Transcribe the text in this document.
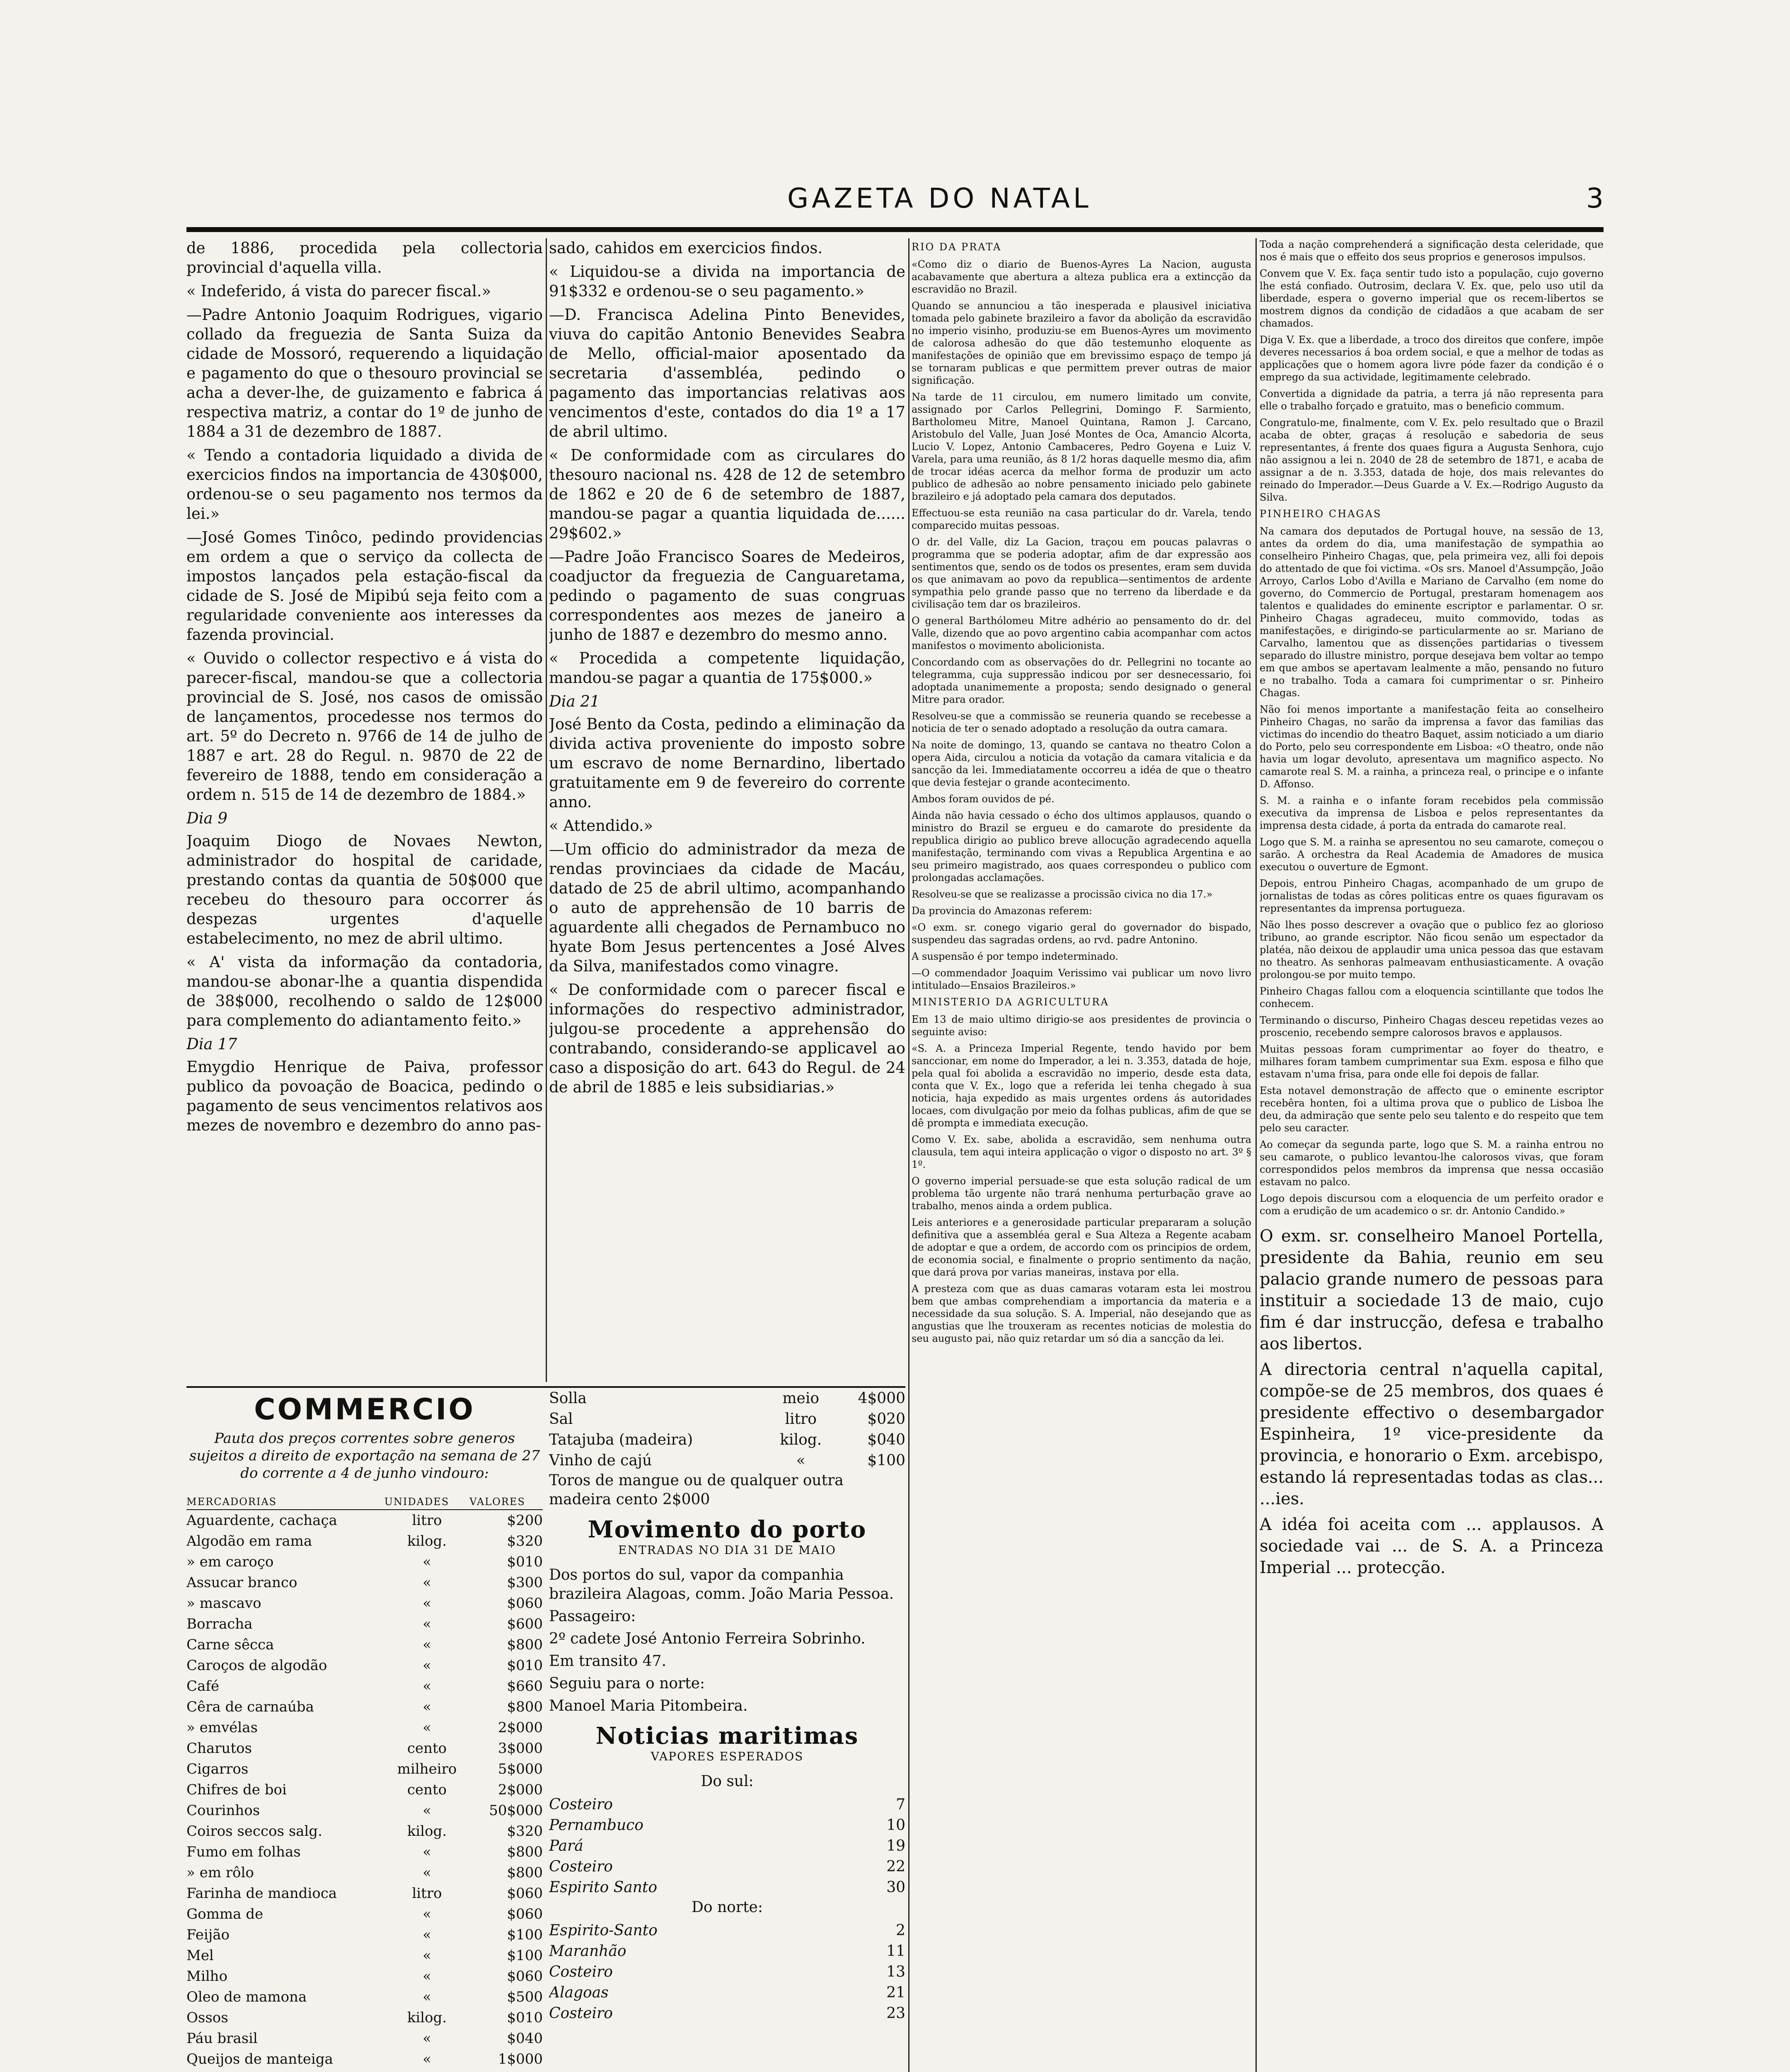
GAZETA DO NATAL	3

de 1886, procedida pela collectoria provincial d'aquella villa.

« Indeferido, á vista do parecer fiscal.»

—Padre Antonio Joaquim Rodrigues, vigario collado da freguezia de Santa Suiza da cidade de Mossoró, requerendo a liquidação e pagamento do que o thesouro provincial se acha a dever-lhe, de guizamento e fabrica á respectiva matriz, a contar do 1º de junho de 1884 a 31 de dezembro de 1887.

« Tendo a contadoria liquidado a divida de exercicios findos na importancia de 430$000, ordenou-se o seu pagamento nos termos da lei.»

—José Gomes Tinôco, pedindo providencias em ordem a que o serviço da collecta de impostos lançados pela estação-fiscal da cidade de S. José de Mipibú seja feito com a regularidade conveniente aos interesses da fazenda provincial.

« Ouvido o collector respectivo e á vista do parecer-fiscal, mandou-se que a collectoria provincial de S. José, nos casos de omissão de lançamentos, procedesse nos termos do art. 5º do Decreto n. 9766 de 14 de julho de 1887 e art. 28 do Regul. n. 9870 de 22 de fevereiro de 1888, tendo em consideração a ordem n. 515 de 14 de dezembro de 1884.»

Dia 9

Joaquim Diogo de Novaes Newton, administrador do hospital de caridade, prestando contas da quantia de 50$000 que recebeu do thesouro para occorrer ás despezas urgentes d'aquelle estabelecimento, no mez de abril ultimo.

« A' vista da informação da contadoria, mandou-se abonar-lhe a quantia dispendida de 38$000, recolhendo o saldo de 12$000 para complemento do adiantamento feito.»

Dia 17

Emygdio Henrique de Paiva, professor publico da povoação de Boacica, pedindo o pagamento de seus vencimentos relativos aos mezes de novembro e dezembro do anno pas-

sado, cahidos em exercicios findos.

« Liquidou-se a divida na importancia de 91$332 e ordenou-se o seu pagamento.»

—D. Francisca Adelina Pinto Benevides, viuva do capitão Antonio Benevides Seabra de Mello, official-maior aposentado da secretaria d'assembléa, pedindo o pagamento das importancias relativas aos vencimentos d'este, contados do dia 1º a 17 de abril ultimo.

« De conformidade com as circulares do thesouro nacional ns. 428 de 12 de setembro de 1862 e 20 de 6 de setembro de 1887, mandou-se pagar a quantia liquidada de...... 29$602.»

—Padre João Francisco Soares de Medeiros, coadjuctor da freguezia de Canguaretama, pedindo o pagamento de suas congruas correspondentes aos mezes de janeiro a junho de 1887 e dezembro do mesmo anno.

« Procedida a competente liquidação, mandou-se pagar a quantia de 175$000.»

Dia 21

José Bento da Costa, pedindo a eliminação da divida activa proveniente do imposto sobre um escravo de nome Bernardino, libertado gratuitamente em 9 de fevereiro do corrente anno.

« Attendido.»

—Um officio do administrador da meza de rendas provinciaes da cidade de Macáu, datado de 25 de abril ultimo, acompanhando o auto de apprehensão de 10 barris de aguardente alli chegados de Pernambuco no hyate Bom Jesus pertencentes a José Alves da Silva, manifestados como vinagre.

« De conformidade com o parecer fiscal e informações do respectivo administrador, julgou-se procedente a apprehensão do contrabando, considerando-se applicavel ao caso a disposição do art. 643 do Regul. de 24 de abril de 1885 e leis subsidiarias.»

COMMERCIO

Pauta dos preços correntes sobre generos sujeitos a direito de exportação na semana de 27 do corrente a 4 de junho vindouro:

MERCADORIAS	UNIDADES	VALORES
Aguardente, cachaça	litro	$200
Algodão em rama	kilog.	$320
» em caroço	«	$010
Assucar branco	«	$300
» mascavo	«	$060
Borracha	«	$600
Carne sêcca	«	$800
Caroços de algodão	«	$010
Café	«	$660
Cêra de carnaúba	«	$800
» emvélas	«	2$000
Charutos	cento	3$000
Cigarros	milheiro	5$000
Chifres de boi	cento	2$000
Courinhos	«	50$000
Coiros seccos salg.	kilog.	$320
Fumo em folhas	«	$800
» em rôlo	«	$800
Farinha de mandioca	litro	$060
Gomma de	«	$060
Feijão	«	$100
Mel	«	$100
Milho	«	$060
Oleo de mamona	«	$500
Ossos	kilog.	$010
Páu brasil	«	$040
Queijos de manteiga	«	1$000
Solla	meio	4$000
Sal	litro	$020
Tatajuba (madeira)	kilog.	$040
Vinho de cajú	«	$100

Toros de mangue ou de qualquer outra madeira cento 2$000

Movimento do porto

ENTRADAS NO DIA 31 DE MAIO

Dos portos do sul, vapor da companhia brazileira Alagoas, comm. João Maria Pessoa.

Passageiro:

2º cadete José Antonio Ferreira Sobrinho.

Em transito 47.

Seguiu para o norte:

Manoel Maria Pitombeira.

Noticias maritimas

VAPORES ESPERADOS

Do sul:

Costeiro	7
Pernambuco	10
Pará	19
Costeiro	22
Espirito Santo	30

Do norte:

Espirito-Santo	2
Maranhão	11
Costeiro	13
Alagoas	21
Costeiro	23

RIO DA PRATA

«Como diz o diario de Buenos-Ayres La Nacion, augusta acabavamente que abertura a alteza publica era a extincção da escravidão no Brazil.

Quando se annunciou a tão inesperada e plausivel iniciativa tomada pelo gabinete brazileiro a favor da abolição da escravidão no imperio visinho, produziu-se em Buenos-Ayres um movimento de calorosa adhesão do que dão testemunho eloquente as manifestações de opinião que em brevissimo espaço de tempo já se tornaram publicas e que permittem prever outras de maior significação.

Na tarde de 11 circulou, em numero limitado um convite, assignado por Carlos Pellegrini, Domingo F. Sarmiento, Bartholomeu Mitre, Manoel Quintana, Ramon J. Carcano, Aristobulo del Valle, Juan José Montes de Oca, Amancio Alcorta, Lucio V. Lopez, Antonio Cambaceres, Pedro Goyena e Luiz V. Varela, para uma reunião, ás 8 1/2 horas daquelle mesmo dia, afim de trocar idéas acerca da melhor forma de produzir um acto publico de adhesão ao nobre pensamento iniciado pelo gabinete brazileiro e já adoptado pela camara dos deputados.

Effectuou-se esta reunião na casa particular do dr. Varela, tendo comparecido muitas pessoas.

O dr. del Valle, diz La Gacion, traçou em poucas palavras o programma que se poderia adoptar, afim de dar expressão aos sentimentos que, sendo os de todos os presentes, eram sem duvida os que animavam ao povo da republica—sentimentos de ardente sympathia pelo grande passo que no terreno da liberdade e da civilisação tem dar os brazileiros.

O general Barthólomeu Mitre adhério ao pensamento do dr. del Valle, dizendo que ao povo argentino cabia acompanhar com actos manifestos o movimento abolicionista.

Concordando com as observações do dr. Pellegrini no tocante ao telegramma, cuja suppressão indicou por ser desnecessario, foi adoptada unanimemente a proposta; sendo designado o general Mitre para orador.

Resolveu-se que a commissão se reuneria quando se recebesse a noticia de ter o senado adoptado a resolução da outra camara.

Na noite de domingo, 13, quando se cantava no theatro Colon a opera Aida, circulou a noticia da votação da camara vitalicia e da sancção da lei. Immediatamente occorreu a idéa de que o theatro que devia festejar o grande acontecimento.

Ambos foram ouvidos de pé.

Ainda não havia cessado o écho dos ultimos applausos, quando o ministro do Brazil se ergueu e do camarote do presidente da republica dirigio ao publico breve allocução agradecendo aquella manifestação, terminando com vivas a Republica Argentina e ao seu primeiro magistrado, aos quaes correspondeu o publico com prolongadas acclamações.

Resolveu-se que se realizasse a procissão civica no dia 17.»

Da provincia do Amazonas referem:

«O exm. sr. conego vigario geral do governador do bispado, suspendeu das sagradas ordens, ao rvd. padre Antonino.

A suspensão é por tempo indeterminado.

—O commendador Joaquim Verissimo vai publicar um novo livro intitulado—Ensaios Brazileiros.»

MINISTERIO DA AGRICULTURA

Em 13 de maio ultimo dirigio-se aos presidentes de provincia o seguinte aviso:

«S. A. a Princeza Imperial Regente, tendo havido por bem sanccionar, em nome do Imperador, a lei n. 3.353, datada de hoje, pela qual foi abolida a escravidão no imperio, desde esta data, conta que V. Ex., logo que a referida lei tenha chegado à sua noticia, haja expedido as mais urgentes ordens ás autoridades locaes, com divulgação por meio da folhas publicas, afim de que se dê prompta e immediata execução.

Como V. Ex. sabe, abolida a escravidão, sem nenhuma outra clausula, tem aqui inteira applicação o vigor o disposto no art. 3º § 1º.

O governo imperial persuade-se que esta solução radical de um problema tão urgente não trará nenhuma perturbação grave ao trabalho, menos ainda a ordem publica.

Leis anteriores e a generosidade particular prepararam a solução definitiva que a assembléa geral e Sua Alteza a Regente acabam de adoptar e que a ordem, de accordo com os principios de ordem, de economia social, e finalmente o proprio sentimento da nação, que dará prova por varias maneiras, instava por ella.

A presteza com que as duas camaras votaram esta lei mostrou bem que ambas comprehendiam a importancia da materia e a necessidade da sua solução. S. A. Imperial, não desejando que as angustias que lhe trouxeram as recentes noticias de molestia do seu augusto pai, não quiz retardar um só dia a sancção da lei.

Toda a nação comprehenderá a significação desta celeridade, que nos é mais que o effeito dos seus proprios e generosos impulsos.

Convem que V. Ex. faça sentir tudo isto a população, cujo governo lhe está confiado. Outrosim, declara V. Ex. que, pelo uso util da liberdade, espera o governo imperial que os recem-libertos se mostrem dignos da condição de cidadãos a que acabam de ser chamados.

Diga V. Ex. que a liberdade, a troco dos direitos que confere, impõe deveres necessarios á boa ordem social, e que a melhor de todas as applicações que o homem agora livre póde fazer da condição é o emprego da sua actividade, legitimamente celebrado.

Convertida a dignidade da patria, a terra já não representa para elle o trabalho forçado e gratuito, mas o beneficio commum.

Congratulo-me, finalmente, com V. Ex. pelo resultado que o Brazil acaba de obter, graças á resolução e sabedoria de seus representantes, á frente dos quaes figura a Augusta Senhora, cujo não assignou a lei n. 2040 de 28 de setembro de 1871, e acaba de assignar a de n. 3.353, datada de hoje, dos mais relevantes do reinado do Imperador.—Deus Guarde a V. Ex.—Rodrigo Augusto da Silva.

PINHEIRO CHAGAS

Na camara dos deputados de Portugal houve, na sessão de 13, antes da ordem do dia, uma manifestação de sympathia ao conselheiro Pinheiro Chagas, que, pela primeira vez, alli foi depois do attentado de que foi victima. «Os srs. Manoel d'Assumpção, João Arroyo, Carlos Lobo d'Avilla e Mariano de Carvalho (em nome do governo, do Commercio de Portugal, prestaram homenagem aos talentos e qualidades do eminente escriptor e parlamentar. O sr. Pinheiro Chagas agradeceu, muito commovido, todas as manifestações, e dirigindo-se particularmente ao sr. Mariano de Carvalho, lamentou que as dissenções partidarias o tivessem separado do illustre ministro, porque desejava bem voltar ao tempo em que ambos se apertavam lealmente a mão, pensando no futuro e no trabalho. Toda a camara foi cumprimentar o sr. Pinheiro Chagas.

Não foi menos importante a manifestação feita ao conselheiro Pinheiro Chagas, no sarão da imprensa a favor das familias das victimas do incendio do theatro Baquet, assim noticiado a um diario do Porto, pelo seu correspondente em Lisboa: «O theatro, onde não havia um logar devoluto, apresentava um magnifico aspecto. No camarote real S. M. a rainha, a princeza real, o principe e o infante D. Affonso.

S. M. a rainha e o infante foram recebidos pela commissão executiva da imprensa de Lisboa e pelos representantes da imprensa desta cidade, á porta da entrada do camarote real.

Logo que S. M. a rainha se apresentou no seu camarote, começou o sarão. A orchestra da Real Academia de Amadores de musica executou o ouverture de Egmont.

Depois, entrou Pinheiro Chagas, acompanhado de um grupo de jornalistas de todas as côres politicas entre os quaes figuravam os representantes da imprensa portugueza.

Não lhes posso descrever a ovação que o publico fez ao glorioso tribuno, ao grande escriptor. Não ficou senão um espectador da platéa, não deixou de applaudir uma unica pessoa das que estavam no theatro. As senhoras palmeavam enthusiasticamente. A ovação prolongou-se por muito tempo.

Pinheiro Chagas fallou com a eloquencia scintillante que todos lhe conhecem.

Terminando o discurso, Pinheiro Chagas desceu repetidas vezes ao proscenio, recebendo sempre calorosos bravos e applausos.

Muitas pessoas foram cumprimentar ao foyer do theatro, e milhares foram tambem cumprimentar sua Exm. esposa e filho que estavam n'uma frisa, para onde elle foi depois de fallar.

Esta notavel demonstração de affecto que o eminente escriptor recebêra honten, foi a ultima prova que o publico de Lisboa lhe deu, da admiração que sente pelo seu talento e do respeito que tem pelo seu caracter.

Ao começar da segunda parte, logo que S. M. a rainha entrou no seu camarote, o publico levantou-lhe calorosos vivas, que foram correspondidos pelos membros da imprensa que nessa occasião estavam no palco.

Logo depois discursou com a eloquencia de um perfeito orador e com a erudição de um academico o sr. dr. Antonio Candido.»

O exm. sr. conselheiro Manoel Portella, presidente da Bahia, reunio em seu palacio grande numero de pessoas para instituir a sociedade 13 de maio, cujo fim é dar instrucção, defesa e trabalho aos libertos.

A directoria central n'aquella capital, compõe-se de 25 membros, dos quaes é presidente effectivo o desembargador Espinheira, 1º vice-presidente da provincia, e honorario o Exm. arcebispo, estando lá representadas todas as clas... ...ies.

A idéa foi aceita com ... applausos. A sociedade vai ... de S. A. a Princeza Imperial ... protecção.
